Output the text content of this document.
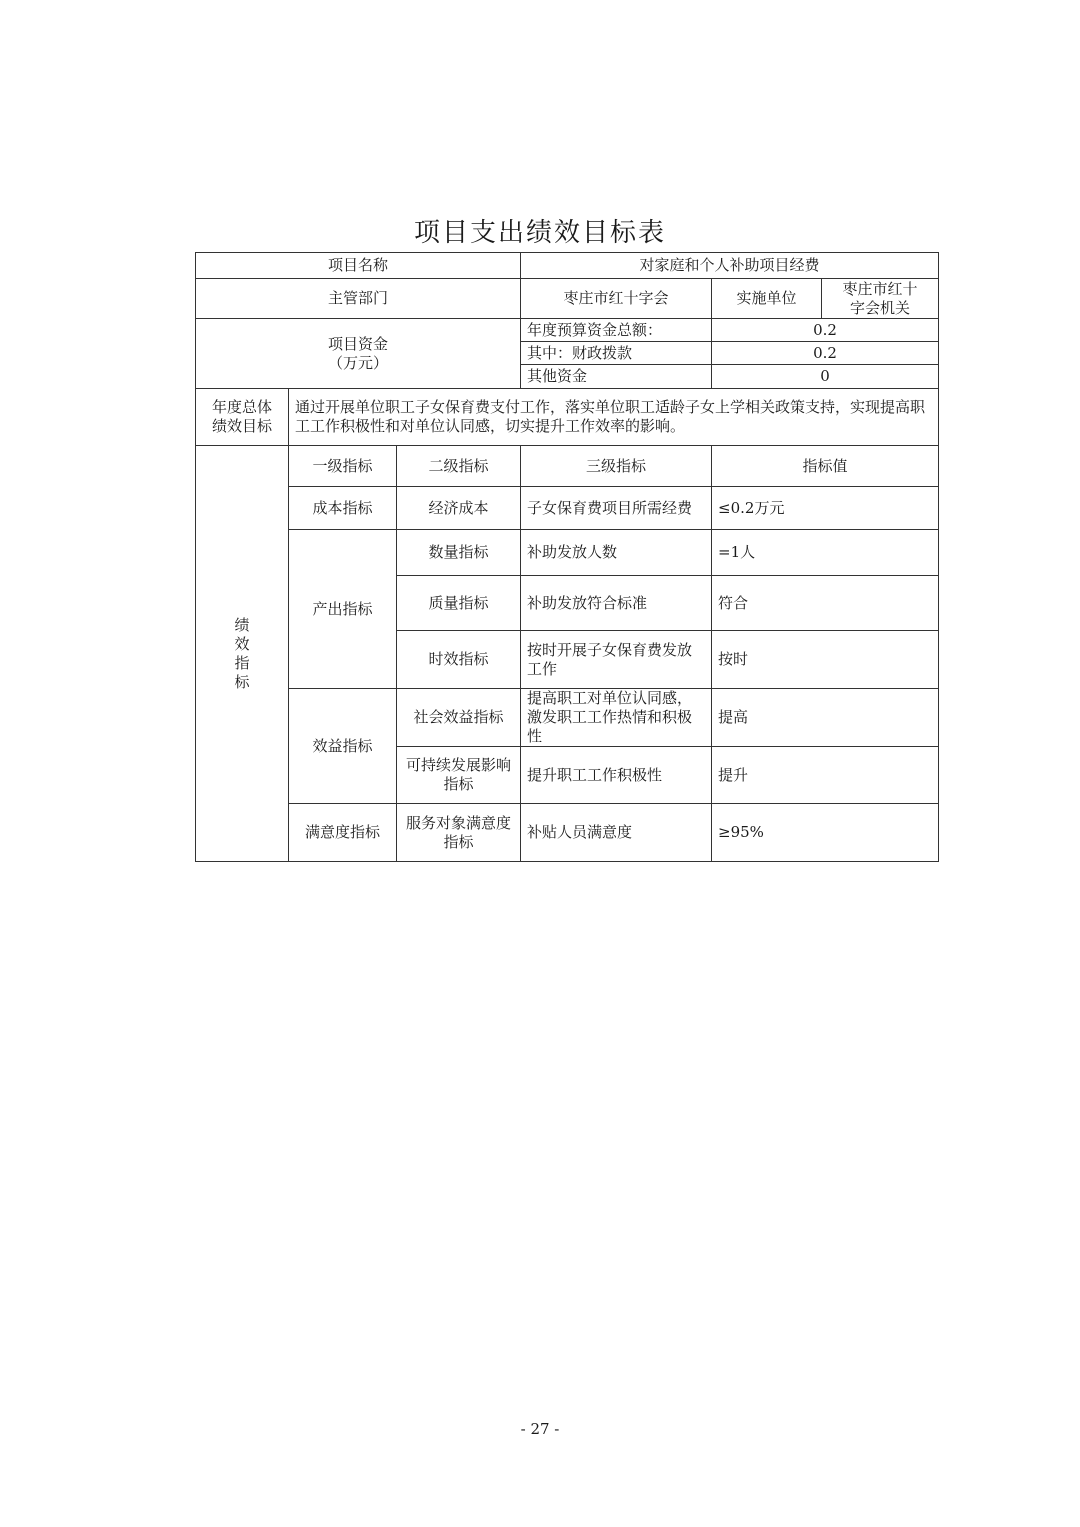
项目支出绩效目标表
项目名称			对家庭和个人补助项目经费		
主管部门			枣庄市红十字会	实施单位	枣庄市红十
字会机关
项目资金
（万元）			年度预算资金总额：	0.2	
			其中：财政拨款	0.2	
			其他资金	0	
年度总体
绩效目标	通过开展单位职工子女保育费支付工作，落实单位职工适龄子女上学相关政策支持，实现提高职工工作积极性和对单位认同感，切实提升工作效率的影响。				
绩
效
指
标	一级指标	二级指标	三级指标	指标值	
	成本指标	经济成本	子女保育费项目所需经费	≤0.2万元	
	产出指标	数量指标	补助发放人数	=1人	
		质量指标	补助发放符合标准	符合	
		时效指标	按时开展子女保育费发放工作	按时	
	效益指标	社会效益指标	提高职工对单位认同感，激发职工工作热情和积极性	提高	
		可持续发展影响指标	提升职工工作积极性	提升	
	满意度指标	服务对象满意度指标	补贴人员满意度	≥95%	
- 27 -
